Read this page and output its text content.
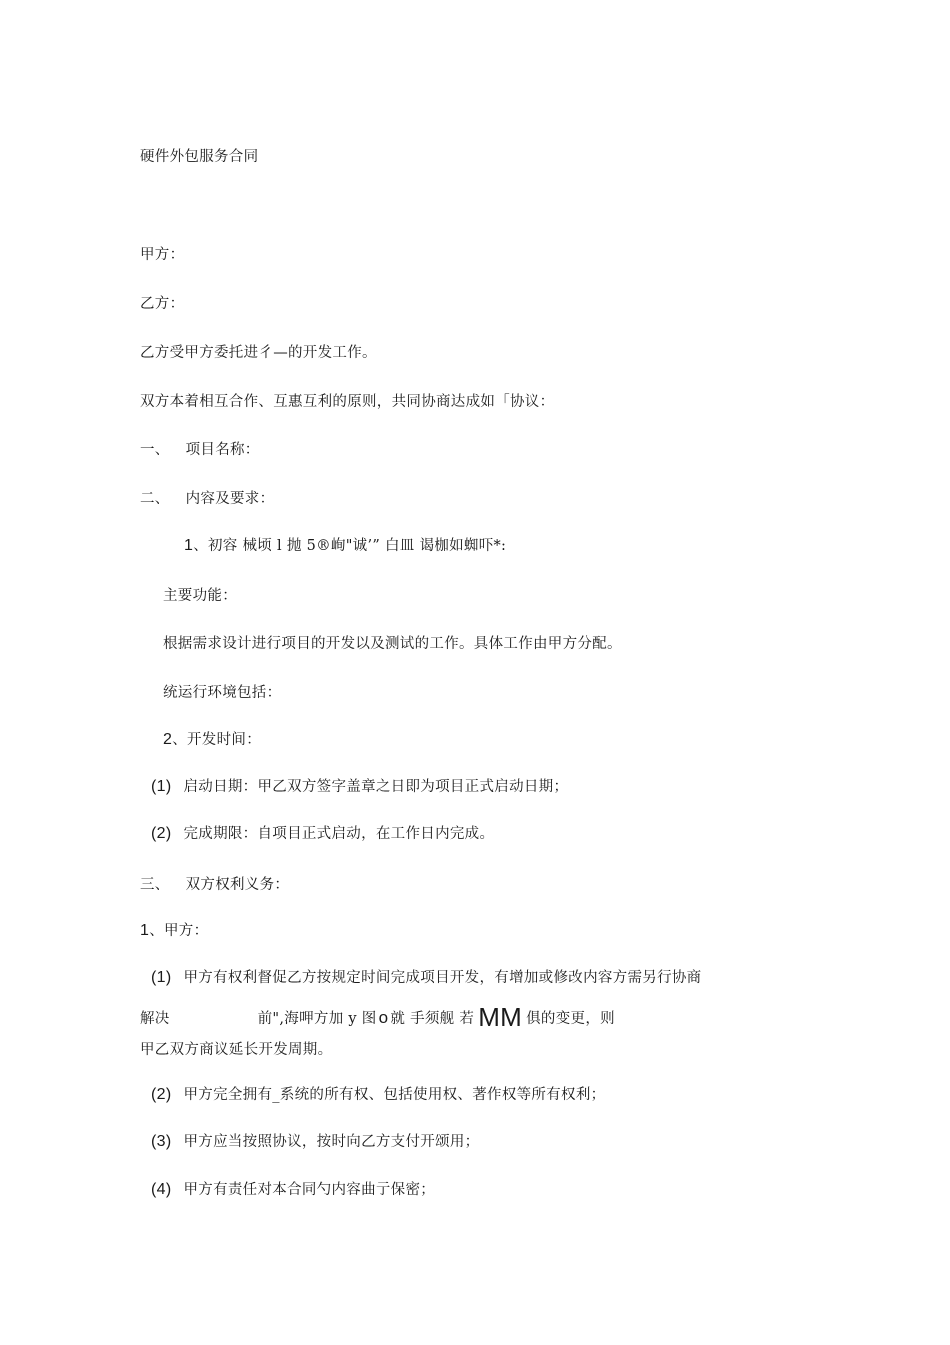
硬件外包服务合同
甲方：
乙方：
乙方受甲方委托进彳—的开发工作。
双方本着相互合作、互惠互利的原则，共同协商达成如「协议：
一、 项目名称：
二、 内容及要求：
1、初容 械顷 l 抛 5®峋"诚’” 白皿 谒枷如蜘吓*:
主要功能：
根据需求设计进行项目的开发以及测试的工作。具体工作由甲方分配。
统运行环境包括：
2、开发时间：
(1) 启动日期：甲乙双方签字盖章之日即为项目正式启动日期；
(2) 完成期限：自项目正式启动，在工作日内完成。
三、 双方权利义务：
1、甲方：
(1) 甲方有权利督促乙方按规定时间完成项目开发，有增加或修改内容方需另行协商
解决	前",海呷方加 y 图 o 就 手须舰 若 MM 俱的变更，则
甲乙双方商议延长开发周期。
(2) 甲方完全拥有_系统的所有权、包括使用权、著作权等所有权利；
(3) 甲方应当按照协议，按时向乙方支付开颂用；
(4) 甲方有责任对本合同勺内容曲亍保密；
